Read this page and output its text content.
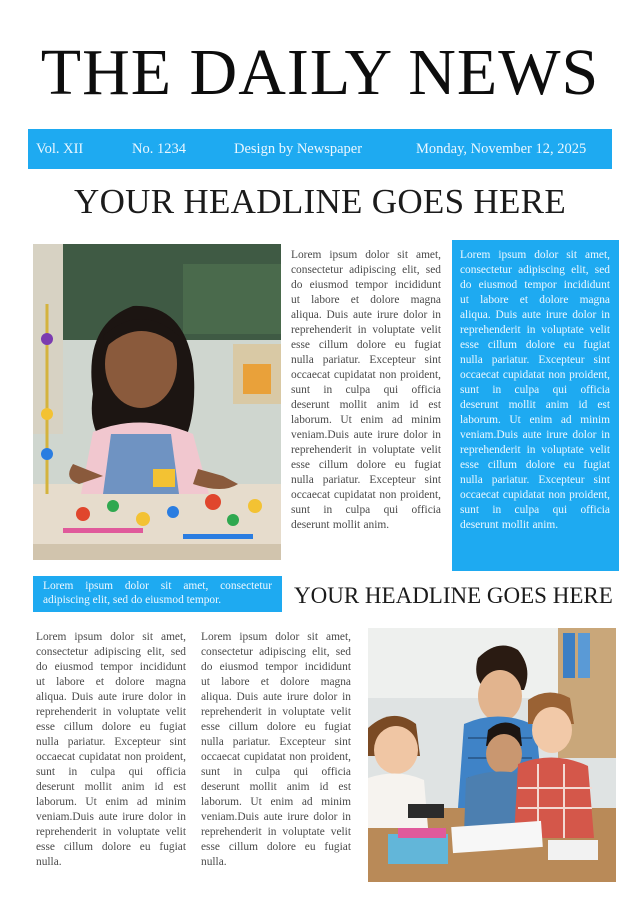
THE DAILY NEWS
Vol. XII	No. 1234	Design by Newspaper	Monday, November 12, 2025
YOUR HEADLINE GOES HERE
Lorem ipsum dolor sit amet, consectetur adipiscing elit, sed do eiusmod tempor incididunt ut labore et dolore magna aliqua. Duis aute irure dolor in reprehenderit in voluptate velit esse cillum dolore eu fugiat nulla pariatur. Excepteur sint occaecat cupidatat non proident, sunt in culpa qui officia deserunt mollit anim id est laborum. Ut enim ad minim veniam.Duis aute irure dolor in reprehenderit in voluptate velit esse cillum dolore eu fugiat nulla pariatur. Excepteur sint occaecat cupidatat non proident, sunt in culpa qui officia deserunt mollit anim.
Lorem ipsum dolor sit amet, consectetur adipiscing elit, sed do eiusmod tempor incididunt ut labore et dolore magna aliqua. Duis aute irure dolor in reprehenderit in voluptate velit esse cillum dolore eu fugiat nulla pariatur. Excepteur sint occaecat cupidatat non proident, sunt in culpa qui officia deserunt mollit anim id est laborum. Ut enim ad minim veniam.Duis aute irure dolor in reprehenderit in voluptate velit esse cillum dolore eu fugiat nulla pariatur. Excepteur sint occaecat cupidatat non proident, sunt in culpa qui officia deserunt mollit anim.
Lorem ipsum dolor sit amet, consectetur adipiscing elit, sed do eiusmod tempor.	YOUR HEADLINE GOES HERE
Lorem ipsum dolor sit amet, consectetur adipiscing elit, sed do eiusmod tempor incididunt ut labore et dolore magna aliqua. Duis aute irure dolor in reprehenderit in voluptate velit esse cillum dolore eu fugiat nulla pariatur. Excepteur sint occaecat cupidatat non proident, sunt in culpa qui officia deserunt mollit anim id est laborum. Ut enim ad minim veniam.Duis aute irure dolor in reprehenderit in voluptate velit esse cillum dolore eu fugiat nulla.
Lorem ipsum dolor sit amet, consectetur adipiscing elit, sed do eiusmod tempor incididunt ut labore et dolore magna aliqua. Duis aute irure dolor in reprehenderit in voluptate velit esse cillum dolore eu fugiat nulla pariatur. Excepteur sint occaecat cupidatat non proident, sunt in culpa qui officia deserunt mollit anim id est laborum. Ut enim ad minim veniam.Duis aute irure dolor in reprehenderit in voluptate velit esse cillum dolore eu fugiat nulla.
